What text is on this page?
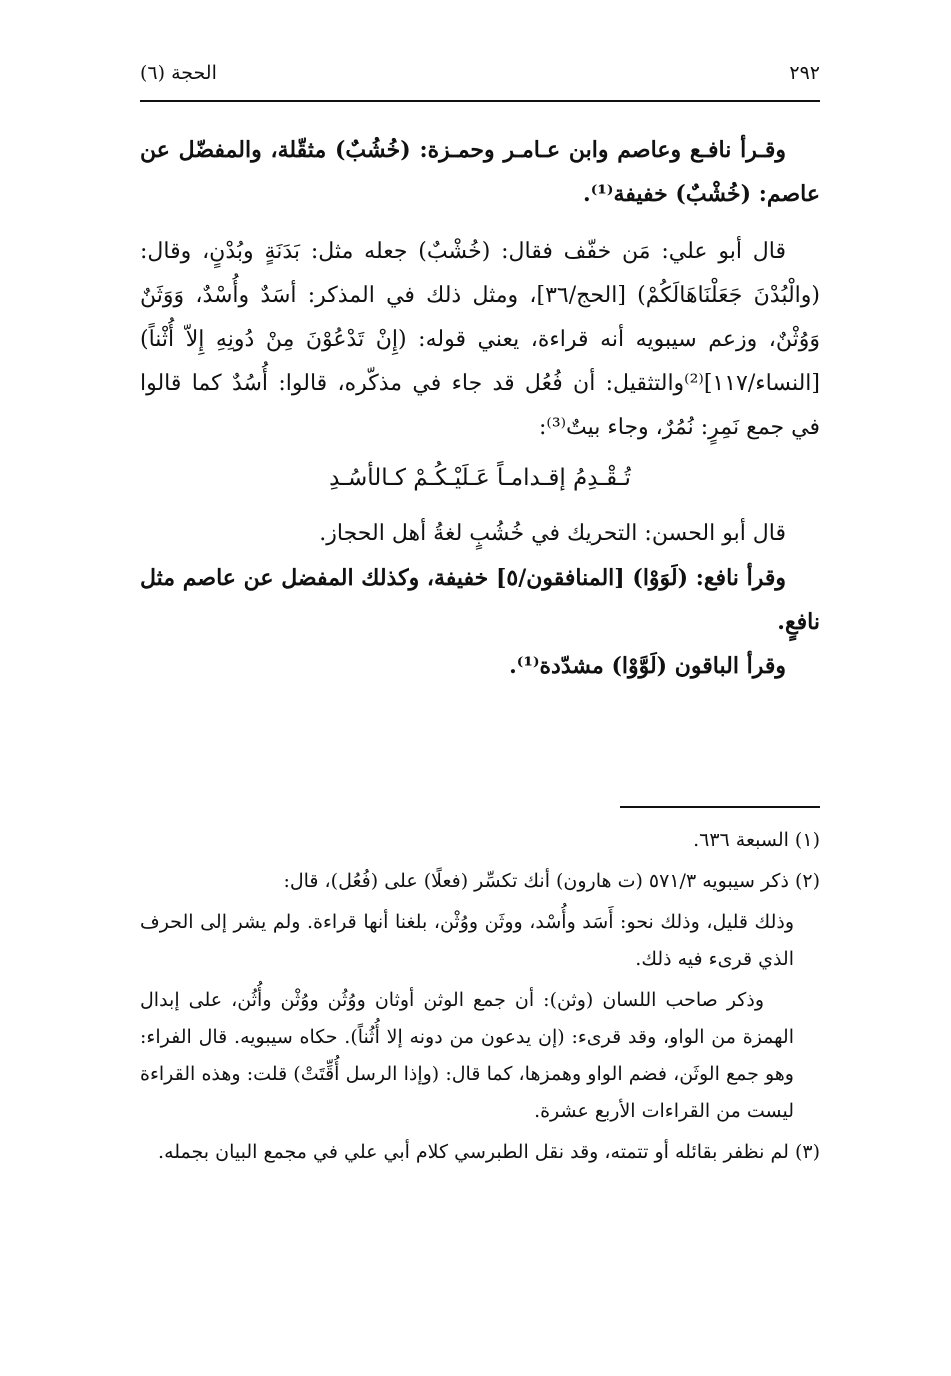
٢٩٢
الحجة (٦)

وقـرأ نافـع وعاصم وابن عـامـر وحمـزة: (خُشُبٌ) مثقّلة، والمفضّل عن عاصم: (خُشْبٌ) خفيفة⁽¹⁾.

قال أبو علي: مَن خفّف فقال: (خُشْبٌ) جعله مثل: بَدَنَةٍ وبُدْنٍ، وقال: (والْبُدْنَ جَعَلْنَاهَالَكُمْ) [الحج/٣٦]، ومثل ذلك في المذكر: أسَدٌ وأُسْدٌ، وَوَثَنٌ وَوُثْنٌ، وزعم سيبويه أنه قراءة، يعني قوله: (إِنْ تَدْعُوْنَ مِنْ دُونِهِ إِلاّ أُثْناً) [النساء/١١٧]⁽²⁾والتثقيل: أن فُعُل قد جاء في مذكّره، قالوا: أُسُدٌ كما قالوا في جمع نَمِرٍ: نُمُرٌ، وجاء بيتٌ⁽³⁾:

تُـقْـدِمُ إقـدامـاً عَـلَيْـكُـمْ كـالأسُـدِ

قال أبو الحسن: التحريك في خُشُبٍ لغةُ أهل الحجاز.

وقرأ نافع: (لَوَوْا) [المنافقون/٥] خفيفة، وكذلك المفضل عن عاصم مثل نافعٍ.

وقرأ الباقون (لَوَّوْا) مشدّدة⁽¹⁾.

(١) السبعة ٦٣٦.

(٢) ذكر سيبويه ٥٧١/٣ (ت هارون) أنك تكسِّر (فعلًا) على (فُعُل)، قال:

وذلك قليل، وذلك نحو: أَسَد وأُسْد، ووثَن ووُثْن، بلغنا أنها قراءة. ولم يشر إلى الحرف الذي قرىء فيه ذلك.

وذكر صاحب اللسان (وثن): أن جمع الوثن أوثان ووُثُن ووُثْن وأُثُن، على إبدال الهمزة من الواو، وقد قرىء: (إن يدعون من دونه إلا أُثُناً). حكاه سيبويه. قال الفراء: وهو جمع الوثَن، فضم الواو وهمزها، كما قال: (وإذا الرسل أُقِّتَتْ) قلت: وهذه القراءة ليست من القراءات الأربع عشرة.

(٣) لم نظفر بقائله أو تتمته، وقد نقل الطبرسي كلام أبي علي في مجمع البيان بجمله.
